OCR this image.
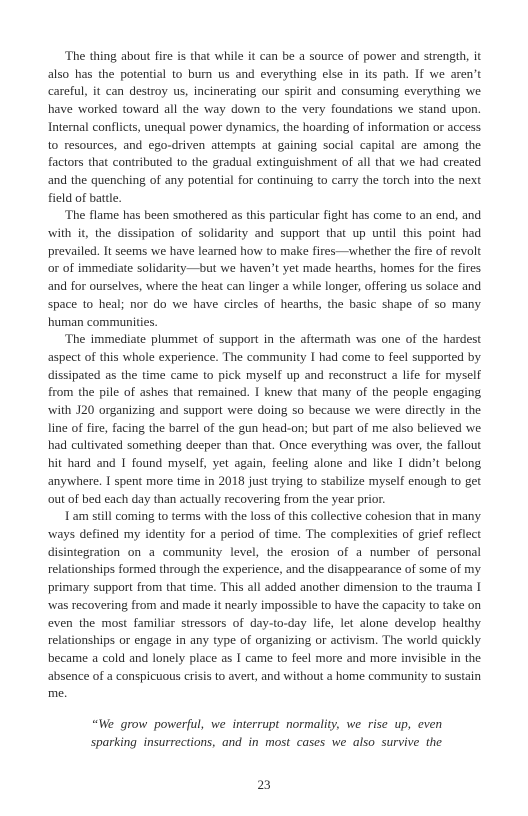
The thing about fire is that while it can be a source of power and strength, it also has the potential to burn us and everything else in its path. If we aren’t careful, it can destroy us, incinerating our spirit and consuming everything we have worked toward all the way down to the very foundations we stand upon. Internal conflicts, unequal power dynamics, the hoarding of information or access to resources, and ego-driven attempts at gaining social capital are among the factors that contributed to the gradual extinguishment of all that we had created and the quenching of any potential for continuing to carry the torch into the next field of battle.

The flame has been smothered as this particular fight has come to an end, and with it, the dissipation of solidarity and support that up until this point had prevailed. It seems we have learned how to make fires—whether the fire of revolt or of immediate solidarity—but we haven’t yet made hearths, homes for the fires and for ourselves, where the heat can linger a while longer, offering us solace and space to heal; nor do we have circles of hearths, the basic shape of so many human communities.

The immediate plummet of support in the aftermath was one of the hardest aspect of this whole experience. The community I had come to feel supported by dissipated as the time came to pick myself up and reconstruct a life for myself from the pile of ashes that remained. I knew that many of the people engaging with J20 organizing and support were doing so because we were directly in the line of fire, facing the barrel of the gun head-on; but part of me also believed we had cultivated something deeper than that. Once everything was over, the fallout hit hard and I found myself, yet again, feeling alone and like I didn’t belong anywhere. I spent more time in 2018 just trying to stabilize myself enough to get out of bed each day than actually recovering from the year prior.

I am still coming to terms with the loss of this collective cohesion that in many ways defined my identity for a period of time. The complexities of grief reflect disintegration on a community level, the erosion of a number of personal relationships formed through the experience, and the disappearance of some of my primary support from that time. This all added another dimension to the trauma I was recovering from and made it nearly impossible to have the capacity to take on even the most familiar stressors of day-to-day life, let alone develop healthy relationships or engage in any type of organizing or activism. The world quickly became a cold and lonely place as I came to feel more and more invisible in the absence of a conspicuous crisis to avert, and without a home community to sustain me.

“We grow powerful, we interrupt normality, we rise up, even sparking insurrections, and in most cases we also survive the

23
